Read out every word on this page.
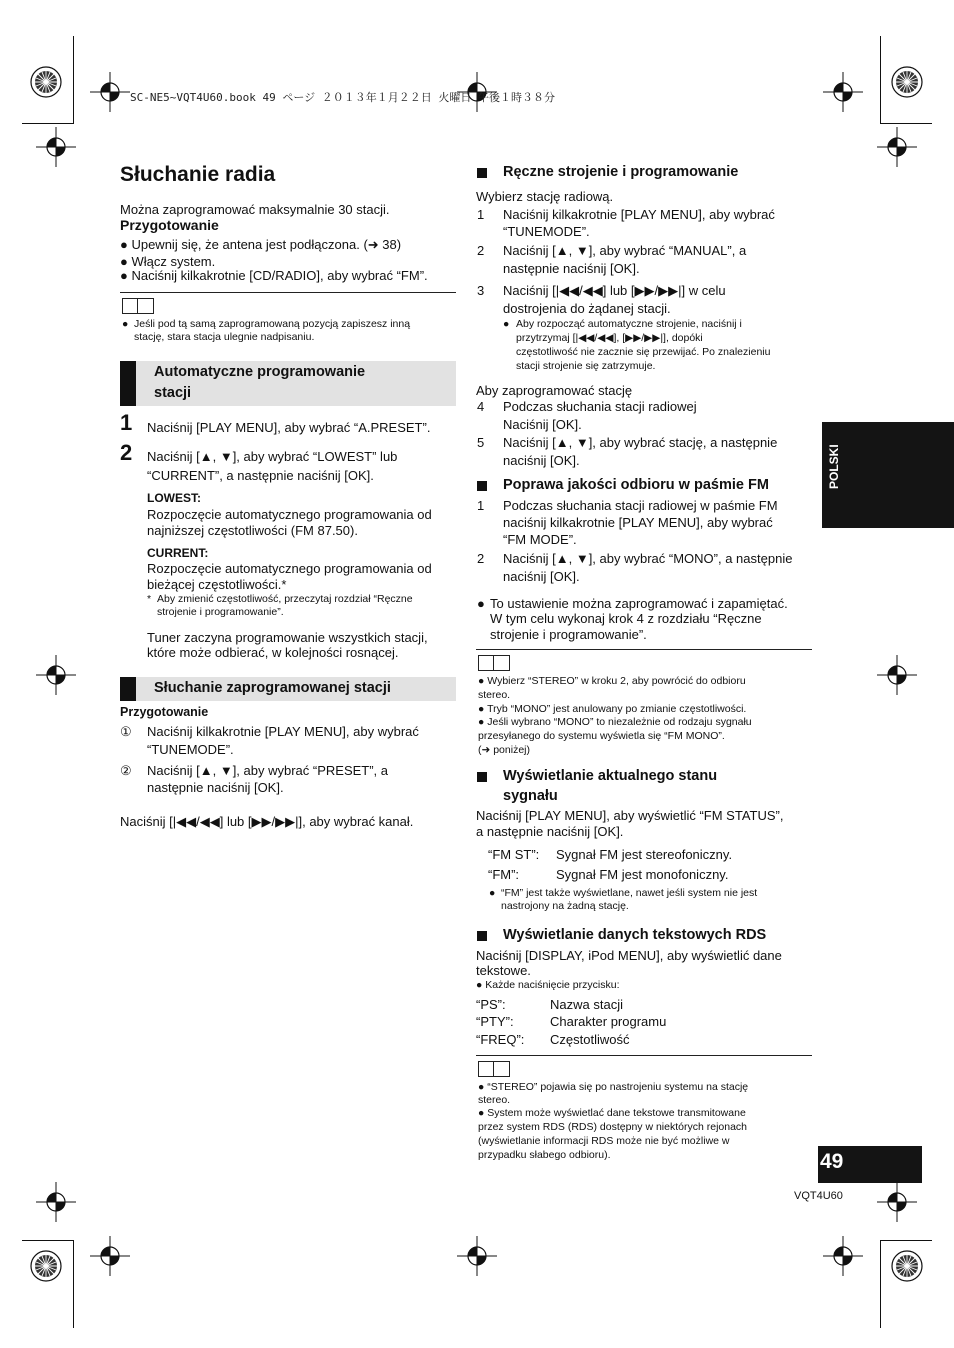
SC-NE5~VQT4U60.book 49 ページ ２０１３年１月２２日 火曜日 午後１時３８分
Słuchanie radia
Można zaprogramować maksymalnie 30 stacji.
Przygotowanie
● Upewnij się, że antena jest podłączona. (➜ 38)
● Włącz system.
● Naciśnij kilkakrotnie [CD/RADIO], aby wybrać “FM”.
● Jeśli pod tą samą zaprogramowaną pozycją zapiszesz inną
stację, stara stacja ulegnie nadpisaniu.
Automatyczne programowanie
stacji
1 Naciśnij [PLAY MENU], aby wybrać “A.PRESET”.
2 Naciśnij [▲, ▼], aby wybrać “LOWEST” lub
“CURRENT”, a następnie naciśnij [OK].
LOWEST:
Rozpoczęcie automatycznego programowania od
najniższej częstotliwości (FM 87.50).
CURRENT:
Rozpoczęcie automatycznego programowania od
bieżącej częstotliwości.*
* Aby zmienić częstotliwość, przeczytaj rozdział “Ręczne
strojenie i programowanie”.
Tuner zaczyna programowanie wszystkich stacji,
które może odbierać, w kolejności rosnącej.
Słuchanie zaprogramowanej stacji
Przygotowanie
① Naciśnij kilkakrotnie [PLAY MENU], aby wybrać
“TUNEMODE”.
② Naciśnij [▲, ▼], aby wybrać “PRESET”, a
następnie naciśnij [OK].
Naciśnij [|◀◀/◀◀] lub [▶▶/▶▶|], aby wybrać kanał.
Ręczne strojenie i programowanie
Wybierz stację radiową.
1 Naciśnij kilkakrotnie [PLAY MENU], aby wybrać
“TUNEMODE”.
2 Naciśnij [▲, ▼], aby wybrać “MANUAL”, a
następnie naciśnij [OK].
3 Naciśnij [|◀◀/◀◀] lub [▶▶/▶▶|] w celu
dostrojenia do żądanej stacji.
● Aby rozpocząć automatyczne strojenie, naciśnij i
przytrzymaj [|◀◀/◀◀], [▶▶/▶▶|], dopóki
częstotliwość nie zacznie się przewijać. Po znalezieniu
stacji strojenie się zatrzymuje.
Aby zaprogramować stację
4 Podczas słuchania stacji radiowej
Naciśnij [OK].
5 Naciśnij [▲, ▼], aby wybrać stację, a następnie
naciśnij [OK].
Poprawa jakości odbioru w paśmie FM
1 Podczas słuchania stacji radiowej w paśmie FM
naciśnij kilkakrotnie [PLAY MENU], aby wybrać
“FM MODE”.
2 Naciśnij [▲, ▼], aby wybrać “MONO”, a następnie
naciśnij [OK].
● To ustawienie można zaprogramować i zapamiętać.
W tym celu wykonaj krok 4 z rozdziału “Ręczne
strojenie i programowanie”.
● Wybierz “STEREO” w kroku 2, aby powrócić do odbioru
stereo.
● Tryb “MONO” jest anulowany po zmianie częstotliwości.
● Jeśli wybrano “MONO” to niezależnie od rodzaju sygnału
przesyłanego do systemu wyświetla się “FM MONO”.
(➜ poniżej)
Wyświetlanie aktualnego stanu
sygnału
Naciśnij [PLAY MENU], aby wyświetlić “FM STATUS”,
a następnie naciśnij [OK].
“FM ST”: Sygnał FM jest stereofoniczny.
“FM”:	Sygnał FM jest monofoniczny.
● “FM” jest także wyświetlane, nawet jeśli system nie jest
nastrojony na żadną stację.
Wyświetlanie danych tekstowych RDS
Naciśnij [DISPLAY, iPod MENU], aby wyświetlić dane
tekstowe.
● Każde naciśnięcie przycisku:
“PS”:	Nazwa stacji
“PTY”:	Charakter programu
“FREQ”: Częstotliwość
● “STEREO” pojawia się po nastrojeniu systemu na stację
stereo.
● System może wyświetlać dane tekstowe transmitowane
przez system RDS (RDS) dostępny w niektórych rejonach
(wyświetlanie informacji RDS może nie być możliwe w
przypadku słabego odbioru).	49
VQT4U60
